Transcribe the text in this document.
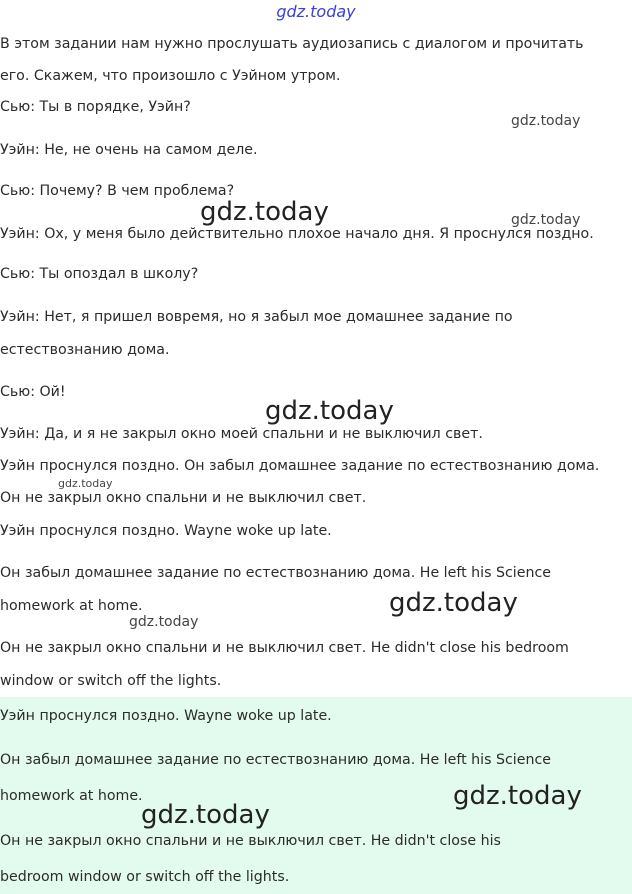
gdz.today

В этом задании нам нужно прослушать аудиозапись с диалогом и прочитать

его. Скажем, что произошло с Уэйном утром.

Сью: Ты в порядке, Уэйн?

Уэйн: Не, не очень на самом деле.

Сью: Почему? В чем проблема?

Уэйн: Ох, у меня было действительно плохое начало дня. Я проснулся поздно.

Сью: Ты опоздал в школу?

Уэйн: Нет, я пришел вовремя, но я забыл мое домашнее задание по

естествознанию дома.

Сью: Ой!

Уэйн: Да, и я не закрыл окно моей спальни и не выключил свет.

Уэйн проснулся поздно. Он забыл домашнее задание по естествознанию дома.

Он не закрыл окно спальни и не выключил свет.

Уэйн проснулся поздно. Wayne woke up late.

Он забыл домашнее задание по естествознанию дома. He left his Science

homework at home.

Он не закрыл окно спальни и не выключил свет. He didn't close his bedroom

window or switch off the lights.

Уэйн проснулся поздно. Wayne woke up late.

Он забыл домашнее задание по естествознанию дома. He left his Science

homework at home.

Он не закрыл окно спальни и не выключил свет. He didn't close his

bedroom window or switch off the lights.

gdz.today
gdz.today	gdz.today
gdz.today
gdz.today
gdz.today
gdz.today
gdz.today
gdz.today
